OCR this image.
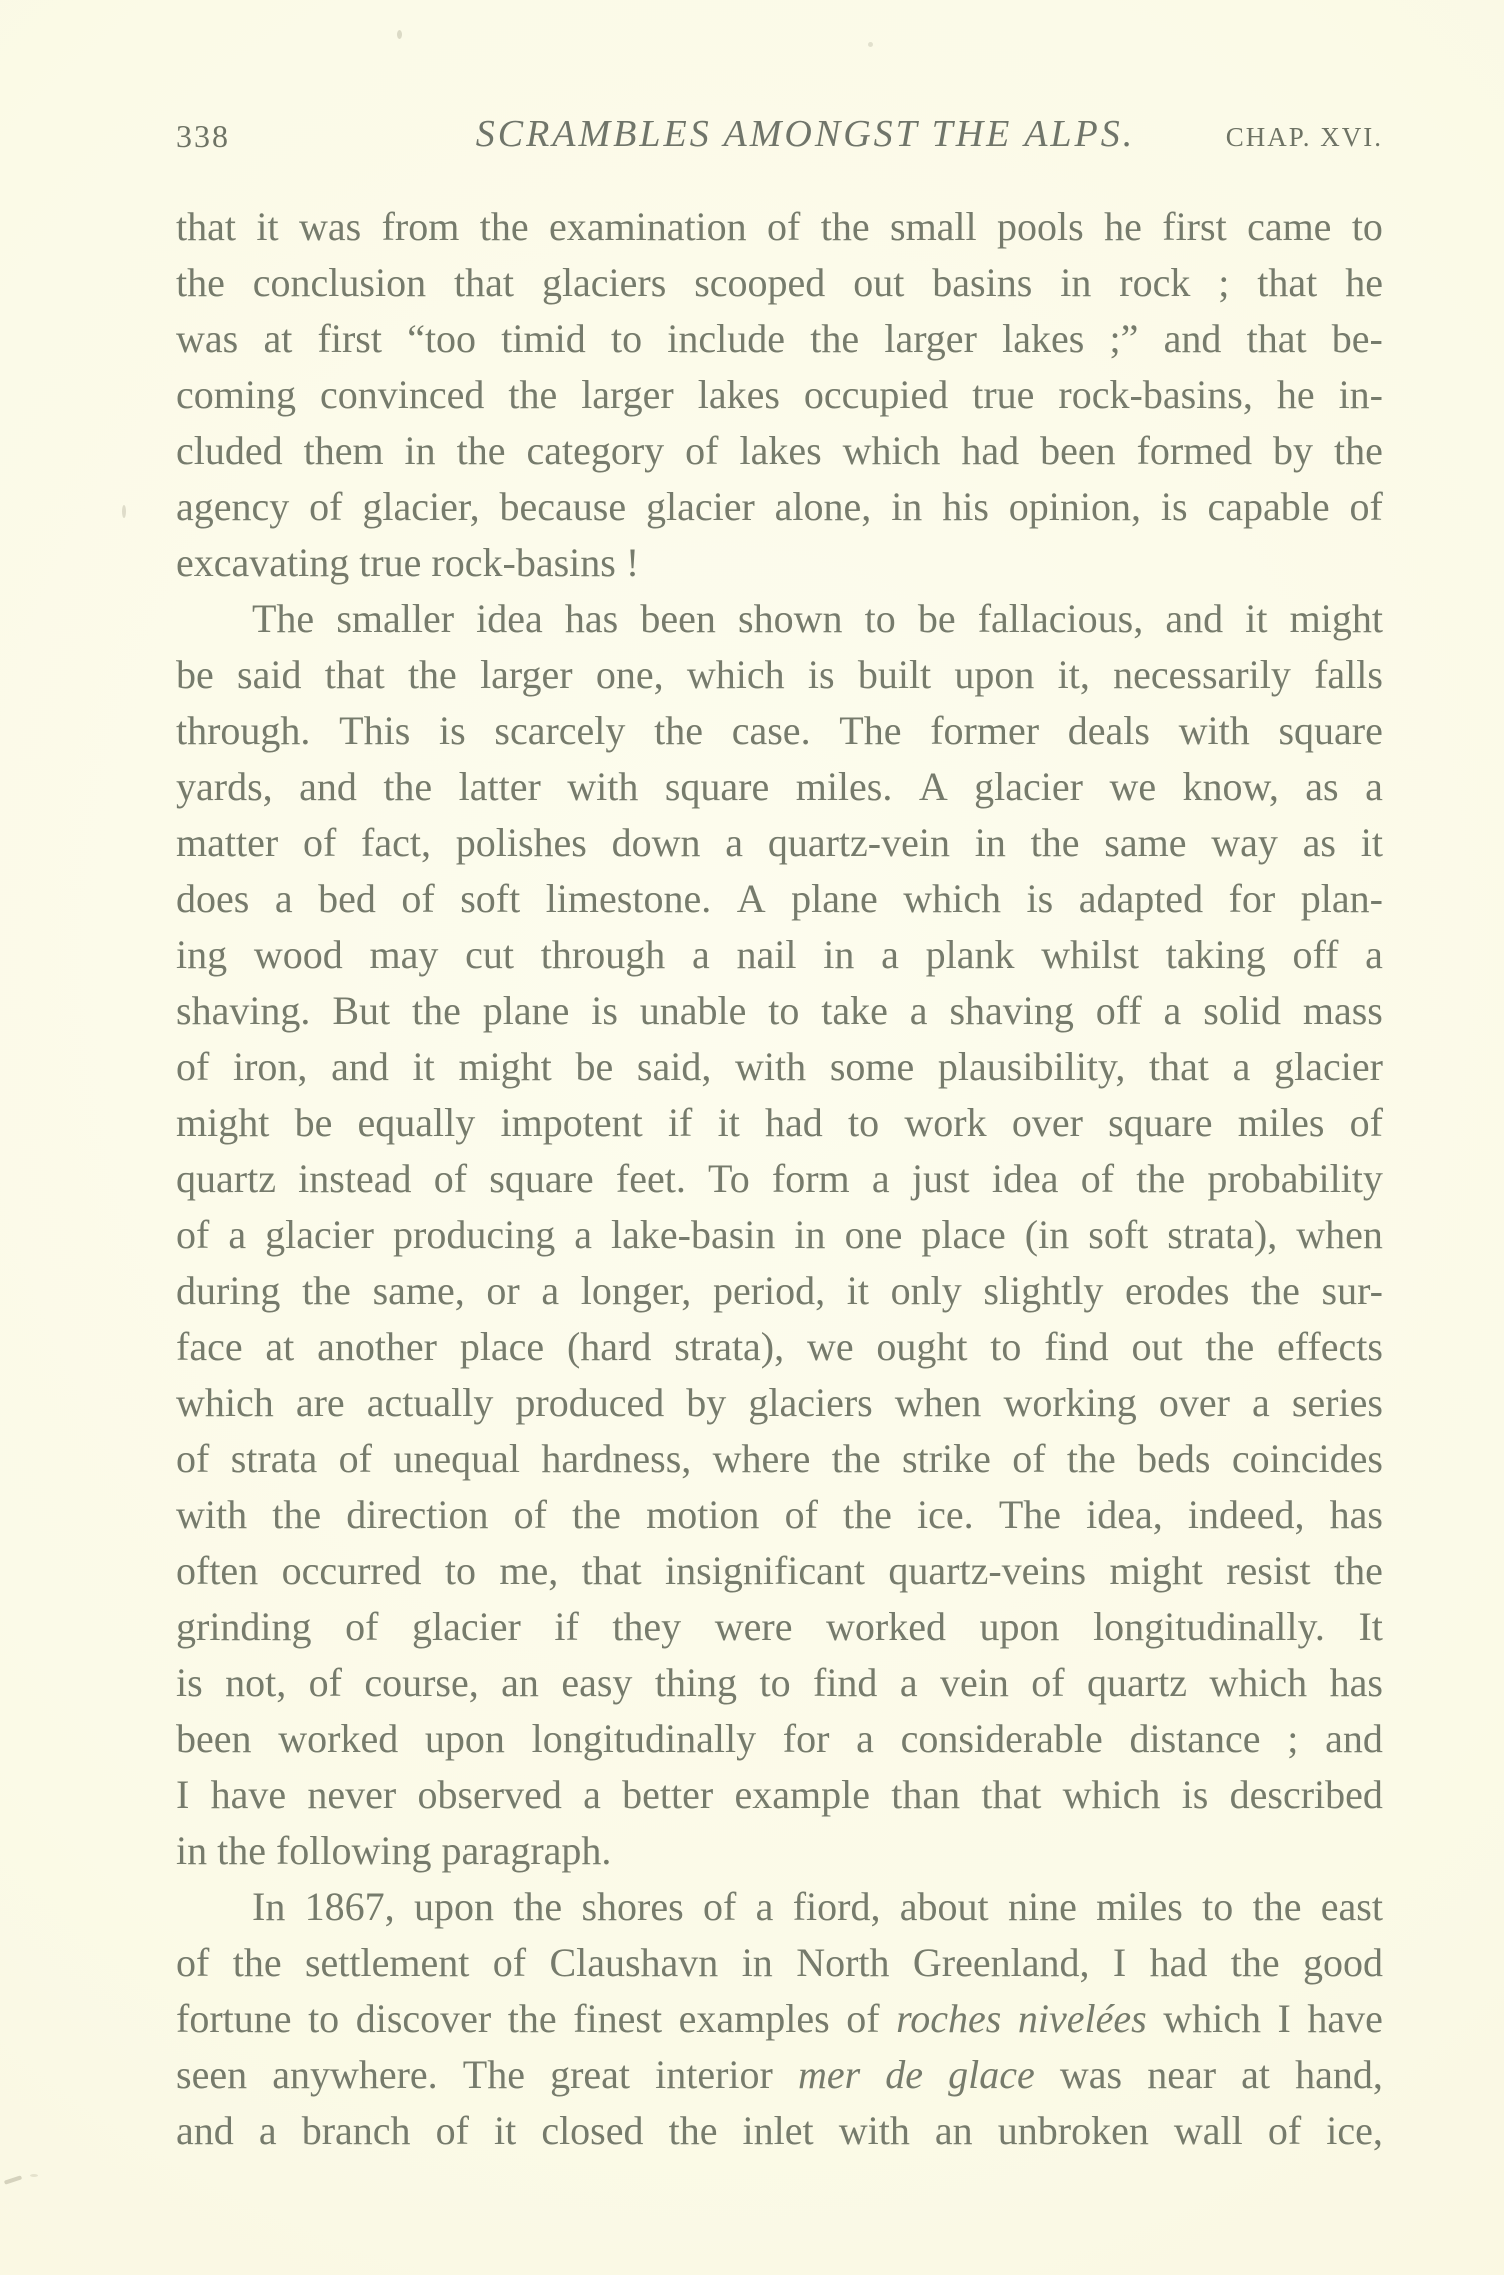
338	SCRAMBLES AMONGST THE ALPS.	CHAP. XVI.
that it was from the examination of the small pools he first came to
the conclusion that glaciers scooped out basins in rock ; that he
was at first “too timid to include the larger lakes ;” and that be-
coming convinced the larger lakes occupied true rock-basins, he in-
cluded them in the category of lakes which had been formed by the
agency of glacier, because glacier alone, in his opinion, is capable of
excavating true rock-basins !
The smaller idea has been shown to be fallacious, and it might
be said that the larger one, which is built upon it, necessarily falls
through. This is scarcely the case. The former deals with square
yards, and the latter with square miles. A glacier we know, as a
matter of fact, polishes down a quartz-vein in the same way as it
does a bed of soft limestone. A plane which is adapted for plan-
ing wood may cut through a nail in a plank whilst taking off a
shaving. But the plane is unable to take a shaving off a solid mass
of iron, and it might be said, with some plausibility, that a glacier
might be equally impotent if it had to work over square miles of
quartz instead of square feet. To form a just idea of the probability
of a glacier producing a lake-basin in one place (in soft strata), when
during the same, or a longer, period, it only slightly erodes the sur-
face at another place (hard strata), we ought to find out the effects
which are actually produced by glaciers when working over a series
of strata of unequal hardness, where the strike of the beds coincides
with the direction of the motion of the ice. The idea, indeed, has
often occurred to me, that insignificant quartz-veins might resist the
grinding of glacier if they were worked upon longitudinally. It
is not, of course, an easy thing to find a vein of quartz which has
been worked upon longitudinally for a considerable distance ; and
I have never observed a better example than that which is described
in the following paragraph.
In 1867, upon the shores of a fiord, about nine miles to the east
of the settlement of Claushavn in North Greenland, I had the good
fortune to discover the finest examples of roches nivelées which I have
seen anywhere. The great interior mer de glace was near at hand,
and a branch of it closed the inlet with an unbroken wall of ice,
